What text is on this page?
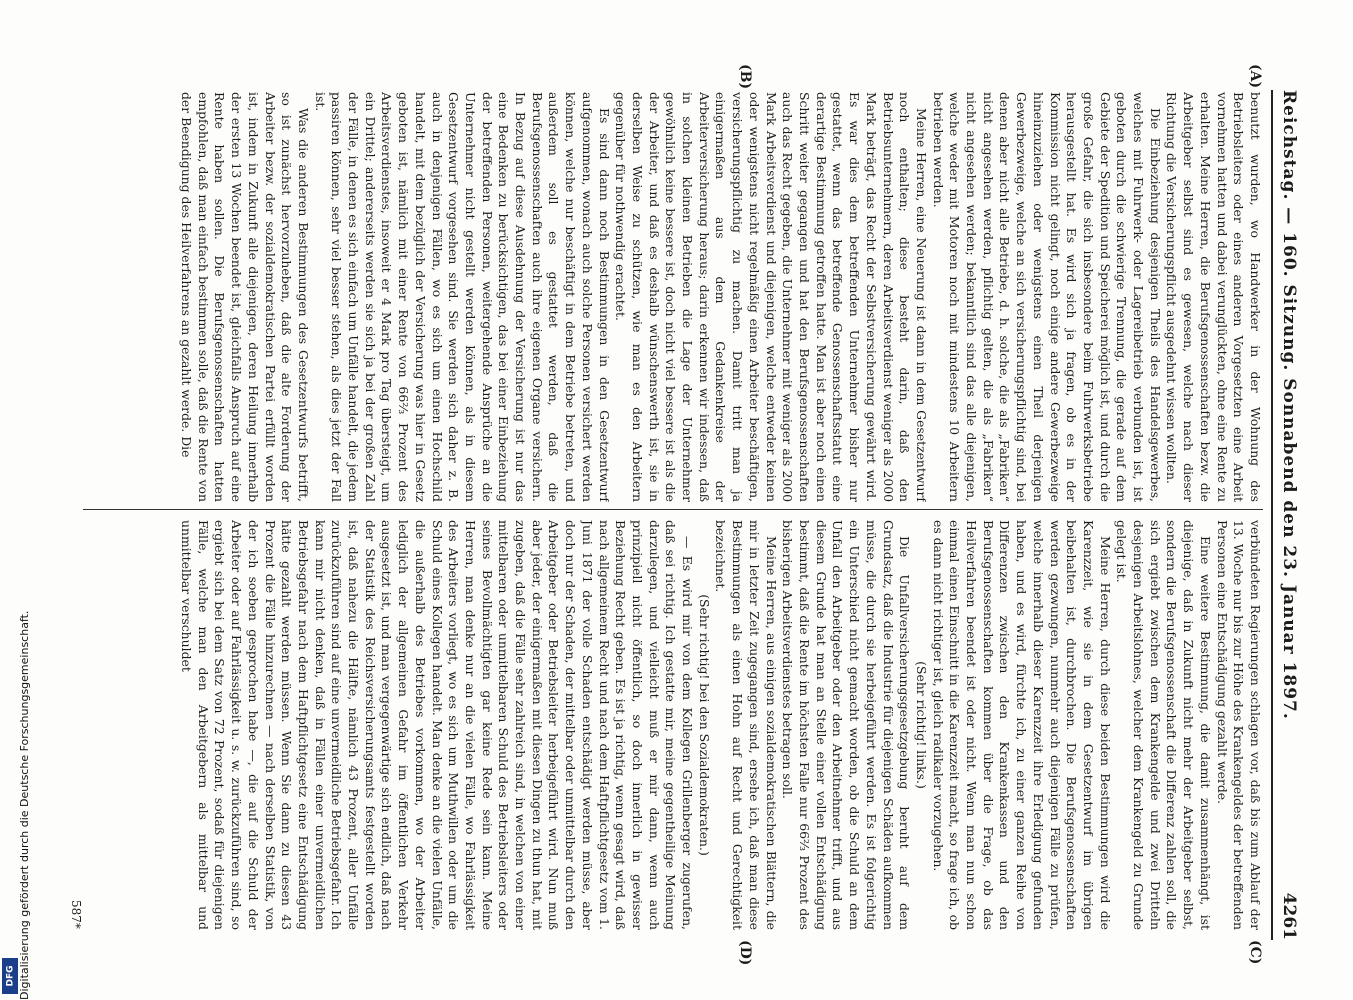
Reichstag. — 160. Sitzung. Sonnabend den 23. Januar 1897.
4261
(A)
(B)
(C)
(D)

benutzt wurden, wo Handwerker in der Wohnung des Betriebsleiters oder eines anderen Vorgesetzten eine Arbeit vornehmen hatten und dabei verunglückten, ohne eine Rente zu erhalten. Meine Herren, die Berufsgenossenschaften bezw. die Arbeitgeber selbst sind es gewesen, welche nach dieser Richtung die Versicherungspflicht ausgedehnt wissen wollten.

Die Einbeziehung desjenigen Theils des Handelsgewerbes, welches mit Fuhrwerk- oder Lagereibetrieb verbunden ist, ist geboten durch die schwierige Trennung, die gerade auf dem Gebiete der Spedition und Speicherei möglich ist, und durch die große Gefahr, die sich insbesondere beim Fuhrwerksbetriebe herausgestellt hat. Es wird sich ja fragen, ob es in der Kommission nicht gelingt, noch einige andere Gewerbezweige hineinzuziehen oder wenigstens einen Theil derjenigen Gewerbezweige, welche an sich versicherungspflichtig sind, bei denen aber nicht alle Betriebe, d. h. solche, die als „Fabriken“ nicht angesehen werden, pflichtig gelten, die als „Fabriken“ nicht angesehen werden; bekanntlich sind das alle diejenigen, welche weder mit Motoren noch mit mindestens 10 Arbeitern betrieben werden.

Meine Herren, eine Neuerung ist dann in dem Gesetzentwurf noch enthalten; diese besteht darin, daß den Betriebsunternehmern, deren Arbeitsverdienst weniger als 2000 Mark beträgt, das Recht der Selbstversicherung gewährt wird. Es war dies dem betreffenden Unternehmer bisher nur gestattet, wenn das betreffende Genossenschaftsstatut eine derartige Bestimmung getroffen hatte. Man ist aber noch einen Schritt weiter gegangen und hat den Berufsgenossenschaften auch das Recht gegeben, die Unternehmer mit weniger als 2000 Mark Arbeitsverdienst und diejenigen, welche entweder keinen oder wenigstens nicht regelmäßig einen Arbeiter beschäftigen, versicherungspflichtig zu machen. Damit tritt man ja einigermaßen aus dem Gedankenkreise der Arbeiterversicherung heraus; darin erkennen wir indessen, daß in solchen kleinen Betrieben die Lage der Unternehmer gewöhnlich keine bessere ist, doch nicht viel bessere ist als die der Arbeiter, und daß es deshalb wünschenswerth ist, sie in derselben Weise zu schützen, wie man es den Arbeitern gegenüber für nothwendig erachtet.

Es sind dann noch Bestimmungen in den Gesetzentwurf aufgenommen, wonach auch solche Personen versichert werden können, welche nur beschäftigt in dem Betriebe betreten, und außerdem soll es gestattet werden, daß die Berufsgenossenschaften auch ihre eigenen Organe versichern. In Bezug auf diese Ausdehnung der Versicherung ist nur das eine Bedenken zu berücksichtigen, das bei einer Einbeziehung der betreffenden Personen, weitergehende Ansprüche an die Unternehmer nicht gestellt werden können, als in diesem Gesetzentwurf vorgesehen sind. Sie werden sich daher z. B. auch in denjenigen Fällen, wo es sich um einen Hochschild handelt, mit dem bezüglich der Versicherung was hier in Gesetz geboten ist, nämlich mit einer Rente von 66⅔ Prozent des Arbeitsverdienstes, insoweit er 4 Mark pro Tag übersteigt, um ein Drittel; andererseits werden sie sich ja bei der großen Zahl der Fälle, in denen es sich einfach um Unfälle handelt, die jedem passiren können, sehr viel besser stehen, als dies jetzt der Fall ist.

Was die anderen Bestimmungen des Gesetzentwurfs betrifft, so ist zunächst hervorzuheben, daß die alte Forderung der Arbeiter bezw. der sozialdemokratischen Partei erfüllt worden ist, indem in Zukunft alle diejenigen, deren Heilung innerhalb der ersten 13 Wochen beendet ist, gleichfalls Anspruch auf eine Rente haben sollen. Die Berufsgenossenschaften hatten empfohlen, daß man einfach bestimmen solle, daß die Rente von der Beendigung des Heilverfahrens an gezahlt werde. Die

verbündeten Regierungen schlagen vor, daß bis zum Ablauf der 13. Woche nur bis zur Höhe des Krankengeldes der betreffenden Personen eine Entschädigung gezahlt werde.

Eine weitere Bestimmung, die damit zusammenhängt, ist diejenige, daß in Zukunft nicht mehr der Arbeitgeber selbst, sondern die Berufsgenossenschaft die Differenz zahlen soll, die sich ergiebt zwischen dem Krankengelde und zwei Dritteln desjenigen Arbeitslohnes, welcher dem Krankengeld zu Grunde gelegt ist.

Meine Herren, durch diese beiden Bestimmungen wird die Karenzzeit, wie sie in dem Gesetzentwurf im übrigen beibehalten ist, durchbrochen. Die Berufsgenossenschaften werden gezwungen, nunmehr auch diejenigen Fälle zu prüfen, welche innerhalb dieser Karenzzeit ihre Erledigung gefunden haben, und es wird, fürchte ich, zu einer ganzen Reihe von Differenzen zwischen den Krankenkassen und den Berufsgenossenschaften kommen über die Frage, ob das Heilverfahren beendet ist oder nicht. Wenn man nun schon einmal einen Einschnitt in die Karenzzeit macht, so frage ich, ob es dann nicht richtiger ist, gleich radikaler vorzugehen.

(Sehr richtig! links.)

Die Unfallversicherungsgesetzgebung beruht auf dem Grundsatz, daß die Industrie für diejenigen Schäden aufkommen müsse, die durch sie herbeigeführt werden. Es ist folgerichtig ein Unterschied nicht gemacht worden, ob die Schuld an dem Unfall den Arbeitgeber oder den Arbeitnehmer trifft, und aus diesem Grunde hat man an Stelle einer vollen Entschädigung bestimmt, daß die Rente im höchsten Falle nur 66⅔ Prozent des bisherigen Arbeitsverdienstes betragen soll.

Meine Herren, aus einigen sozialdemokratischen Blättern, die mir in letzter Zeit zugegangen sind, ersehe ich, daß man diese Bestimmungen als einen Hohn auf Recht und Gerechtigkeit bezeichnet.

(Sehr richtig! bei den Sozialdemokraten.)

— Es wird mir von dem Kollegen Grillenberger zugerufen, daß sei richtig. Ich gestatte mir, meine gegentheilige Meinung darzulegen, und vielleicht muß er mir dann, wenn auch prinzipiell nicht öffentlich, so doch innerlich in gewisser Beziehung Recht geben. Es ist ja richtig, wenn gesagt wird, daß nach allgemeinem Recht und nach dem Haftpflichtgesetz vom 1. Juni 1871 der volle Schaden entschädigt werden müsse, aber doch nur der Schaden, der mittelbar oder unmittelbar durch den Arbeitgeber oder Betriebsleiter herbeigeführt wird. Nun muß aber jeder, der einigermaßen mit diesen Dingen zu thun hat, mit zugeben, daß die Fälle sehr zahlreich sind, in welchen von einer mittelbaren oder unmittelbaren Schuld des Betriebsleiters oder seines Bevollmächtigten gar keine Rede sein kann. Meine Herren, man denke nur an die vielen Fälle, wo Fahrlässigkeit des Arbeiters vorliegt, wo es sich um Muthwillen oder um die Schuld eines Kollegen handelt. Man denke an die vielen Unfälle, die außerhalb des Betriebes vorkommen, wo der Arbeiter lediglich der allgemeinen Gefahr im öffentlichen Verkehr ausgesetzt ist, und man vergegenwärtige sich endlich, daß nach der Statistik des Reichsversicherungsamts festgestellt worden ist, daß nahezu die Hälfte, nämlich 43 Prozent, aller Unfälle zurückzuführen sind auf eine unvermeidliche Betriebsgefahr. Ich kann mir nicht denken, daß in Fällen einer unvermeidlichen Betriebsgefahr nach dem Haftpflichtgesetz eine Entschädigung hätte gezahlt werden müssen. Wenn Sie dann zu diesen 43 Prozent die Fälle hinzurechnen — nach derselben Statistik, von der ich soeben gesprochen habe —, die auf die Schuld der Arbeiter oder auf Fahrlässigkeit u. s. w. zurückzuführen sind, so ergiebt sich bei dem Satz von 72 Prozent, sodaß für diejenigen Fälle, welche man den Arbeitgebern als mittelbar und unmittelbar verschuldet

587*
Digitalisierung gefördert durch die Deutsche Forschungsgemeinschaft.
DFG
